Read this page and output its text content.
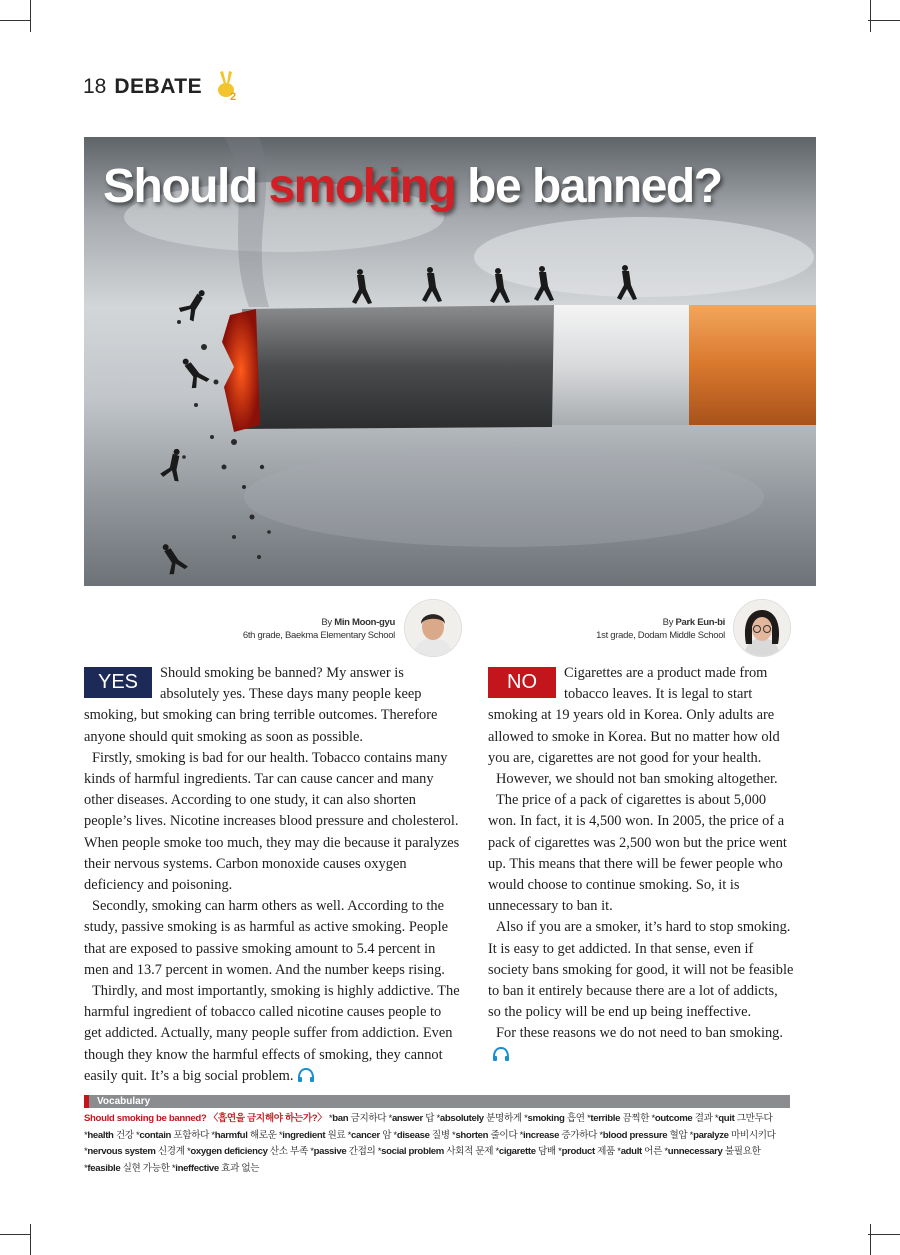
18 DEBATE	2
Should smoking be banned?
By Min Moon-gyu
6th grade, Baekma Elementary School
By Park Eun-bi
1st grade, Dodam Middle School

YES	Should smoking be banned? My answer is absolutely yes. These days many people keep smoking, but smoking can bring terrible outcomes. Therefore anyone should quit smoking as soon as possible.

Firstly, smoking is bad for our health. Tobacco contains many kinds of harmful ingredients. Tar can cause cancer and many other diseases. According to one study, it can also shorten people’s lives. Nicotine increases blood pressure and cholesterol. When people smoke too much, they may die because it paralyzes their nervous systems. Carbon monoxide causes oxygen deficiency and poisoning.

Secondly, smoking can harm others as well. According to the study, passive smoking is as harmful as active smoking. People that are exposed to passive smoking amount to 5.4 percent in men and 13.7 percent in women. And the number keeps rising.

Thirdly, and most importantly, smoking is highly addictive. The harmful ingredient of tobacco called nicotine causes people to get addicted. Actually, many people suffer from addiction. Even though they know the harmful effects of smoking, they cannot easily quit. It’s a big social problem.

NO	Cigarettes are a product made from tobacco leaves. It is legal to start smoking at 19 years old in Korea. Only adults are allowed to smoke in Korea. But no matter how old you are, cigarettes are not good for your health.

However, we should not ban smoking altogether.

The price of a pack of cigarettes is about 5,000 won. In fact, it is 4,500 won. In 2005, the price of a pack of cigarettes was 2,500 won but the price went up. This means that there will be fewer people who would choose to continue smoking. So, it is unnecessary to ban it.

Also if you are a smoker, it’s hard to stop smoking. It is easy to get addicted. In that sense, even if society bans smoking for good, it will not be feasible to ban it entirely because there are a lot of addicts, so the policy will be end up being ineffective.

For these reasons we do not need to ban smoking.

Vocabulary
Should smoking be banned? 〈흡연을 금지해야 하는가?〉 *ban 금지하다 *answer 답 *absolutely 분명하게 *smoking 흡연 *terrible 끔찍한 *outcome 결과 *quit 그만두다 *health 건강 *contain 포함하다 *harmful 해로운 *ingredient 원료 *cancer 암 *disease 질병 *shorten 줄이다 *increase 증가하다 *blood pressure 혈압 *paralyze 마비시키다 *nervous system 신경계 *oxygen deficiency 산소 부족 *passive 간접의 *social problem 사회적 문제 *cigarette 담배 *product 제품 *adult 어른 *unnecessary 불필요한 *feasible 실현 가능한 *ineffective 효과 없는
